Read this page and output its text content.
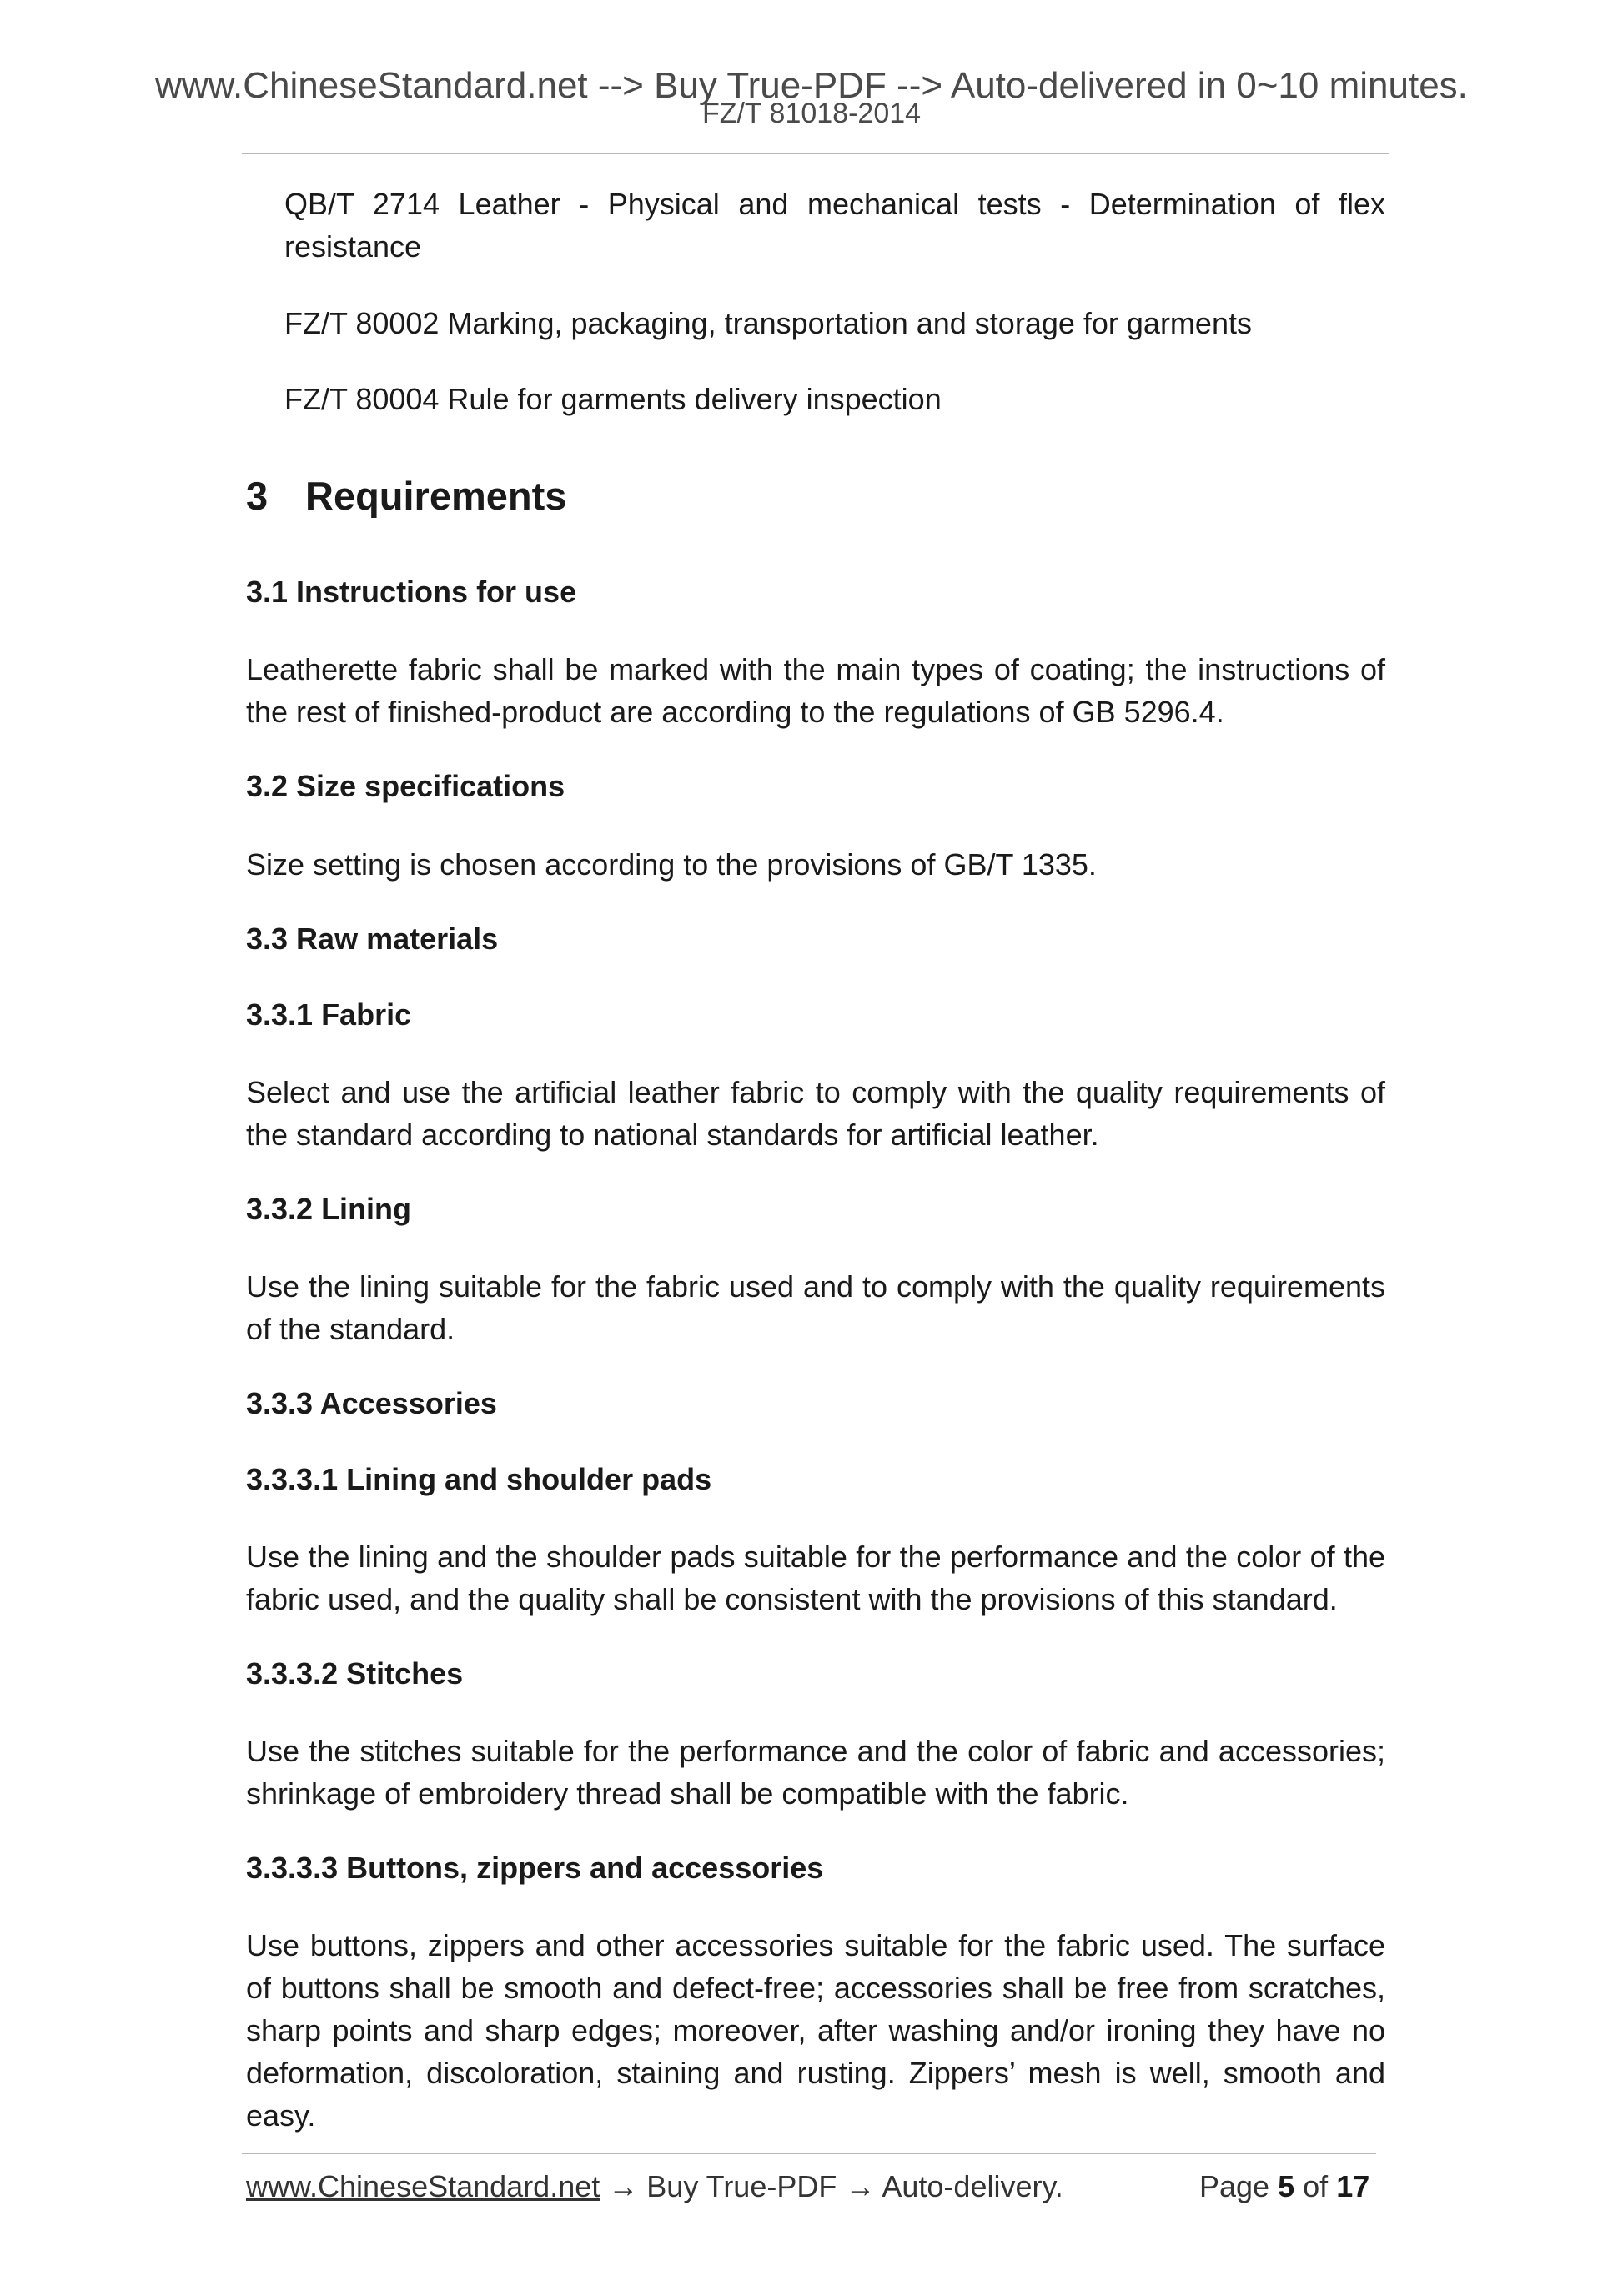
www.ChineseStandard.net --> Buy True-PDF --> Auto-delivered in 0~10 minutes.
FZ/T 81018-2014

QB/T 2714 Leather - Physical and mechanical tests - Determination of flex resistance

FZ/T 80002 Marking, packaging, transportation and storage for garments

FZ/T 80004 Rule for garments delivery inspection

3 Requirements
3.1 Instructions for use

Leatherette fabric shall be marked with the main types of coating; the instructions of the rest of finished-product are according to the regulations of GB 5296.4.

3.2 Size specifications

Size setting is chosen according to the provisions of GB/T 1335.

3.3 Raw materials
3.3.1 Fabric

Select and use the artificial leather fabric to comply with the quality requirements of the standard according to national standards for artificial leather.

3.3.2 Lining

Use the lining suitable for the fabric used and to comply with the quality requirements of the standard.

3.3.3 Accessories
3.3.3.1 Lining and shoulder pads

Use the lining and the shoulder pads suitable for the performance and the color of the fabric used, and the quality shall be consistent with the provisions of this standard.

3.3.3.2 Stitches

Use the stitches suitable for the performance and the color of fabric and accessories; shrinkage of embroidery thread shall be compatible with the fabric.

3.3.3.3 Buttons, zippers and accessories

Use buttons, zippers and other accessories suitable for the fabric used. The surface of buttons shall be smooth and defect-free; accessories shall be free from scratches, sharp points and sharp edges; moreover, after washing and/or ironing they have no deformation, discoloration, staining and rusting. Zippers’ mesh is well, smooth and easy.

www.ChineseStandard.net → Buy True-PDF → Auto-delivery.	Page 5 of 17
